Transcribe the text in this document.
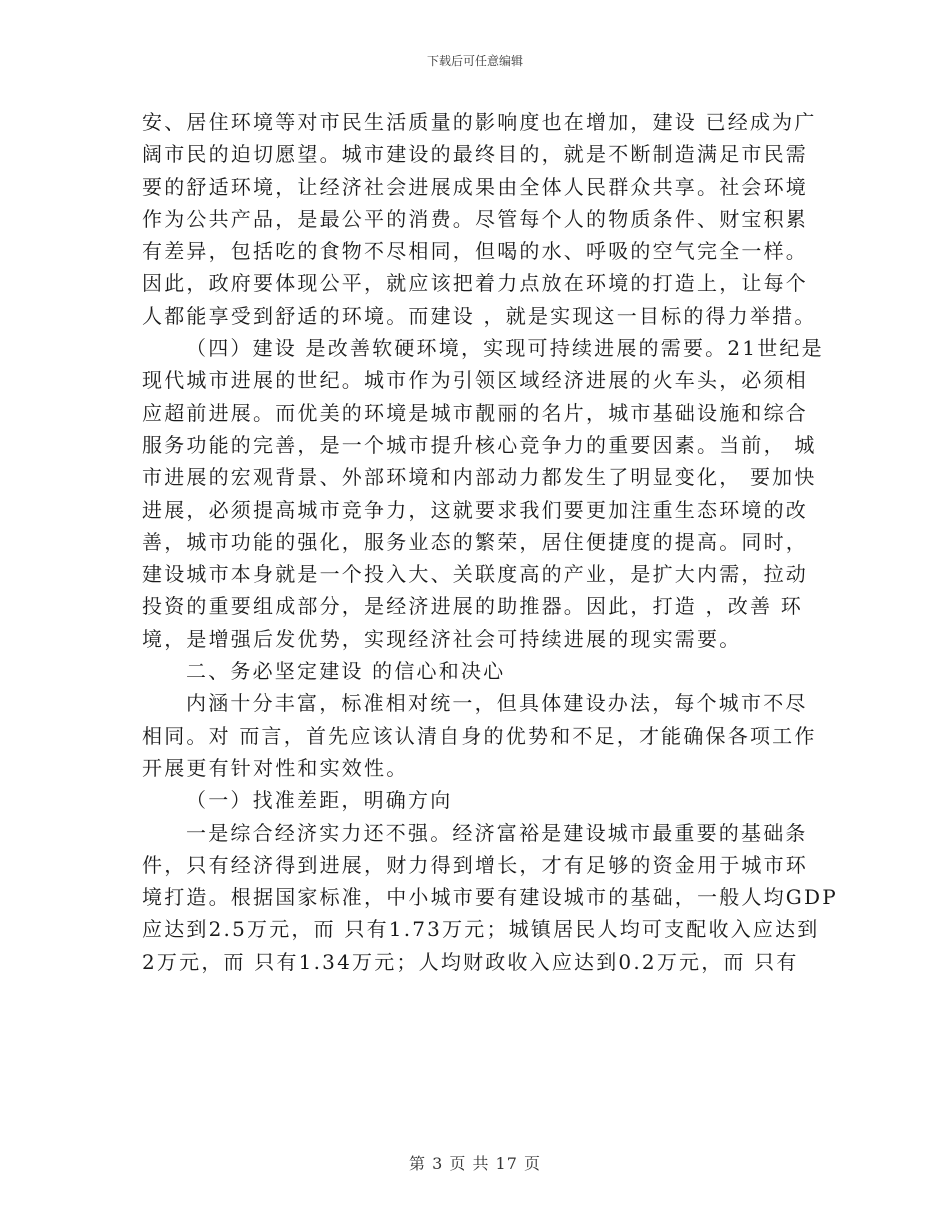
下载后可任意编辑

安、居住环境等对市民生活质量的影响度也在增加，建设 已经成为广

阔市民的迫切愿望。城市建设的最终目的，就是不断制造满足市民需

要的舒适环境，让经济社会进展成果由全体人民群众共享。社会环境

作为公共产品，是最公平的消费。尽管每个人的物质条件、财宝积累

有差异，包括吃的食物不尽相同，但喝的水、呼吸的空气完全一样。

因此，政府要体现公平，就应该把着力点放在环境的打造上，让每个

人都能享受到舒适的环境。而建设 ，就是实现这一目标的得力举措。

（四）建设 是改善软硬环境，实现可持续进展的需要。21世纪是

现代城市进展的世纪。城市作为引领区域经济进展的火车头，必须相

应超前进展。而优美的环境是城市靓丽的名片，城市基础设施和综合

服务功能的完善，是一个城市提升核心竞争力的重要因素。当前， 城

市进展的宏观背景、外部环境和内部动力都发生了明显变化， 要加快

进展，必须提高城市竞争力，这就要求我们要更加注重生态环境的改

善，城市功能的强化，服务业态的繁荣，居住便捷度的提高。同时，

建设城市本身就是一个投入大、关联度高的产业，是扩大内需，拉动

投资的重要组成部分，是经济进展的助推器。因此，打造 ，改善 环

境，是增强后发优势，实现经济社会可持续进展的现实需要。

二、务必坚定建设 的信心和决心

内涵十分丰富，标准相对统一，但具体建设办法，每个城市不尽

相同。对 而言，首先应该认清自身的优势和不足，才能确保各项工作

开展更有针对性和实效性。

（一）找准差距，明确方向

一是综合经济实力还不强。经济富裕是建设城市最重要的基础条

件，只有经济得到进展，财力得到增长，才有足够的资金用于城市环

境打造。根据国家标准，中小城市要有建设城市的基础，一般人均GDP

应达到2.5万元，而 只有1.73万元；城镇居民人均可支配收入应达到

2万元，而 只有1.34万元；人均财政收入应达到0.2万元，而 只有

第 3 页 共 17 页
